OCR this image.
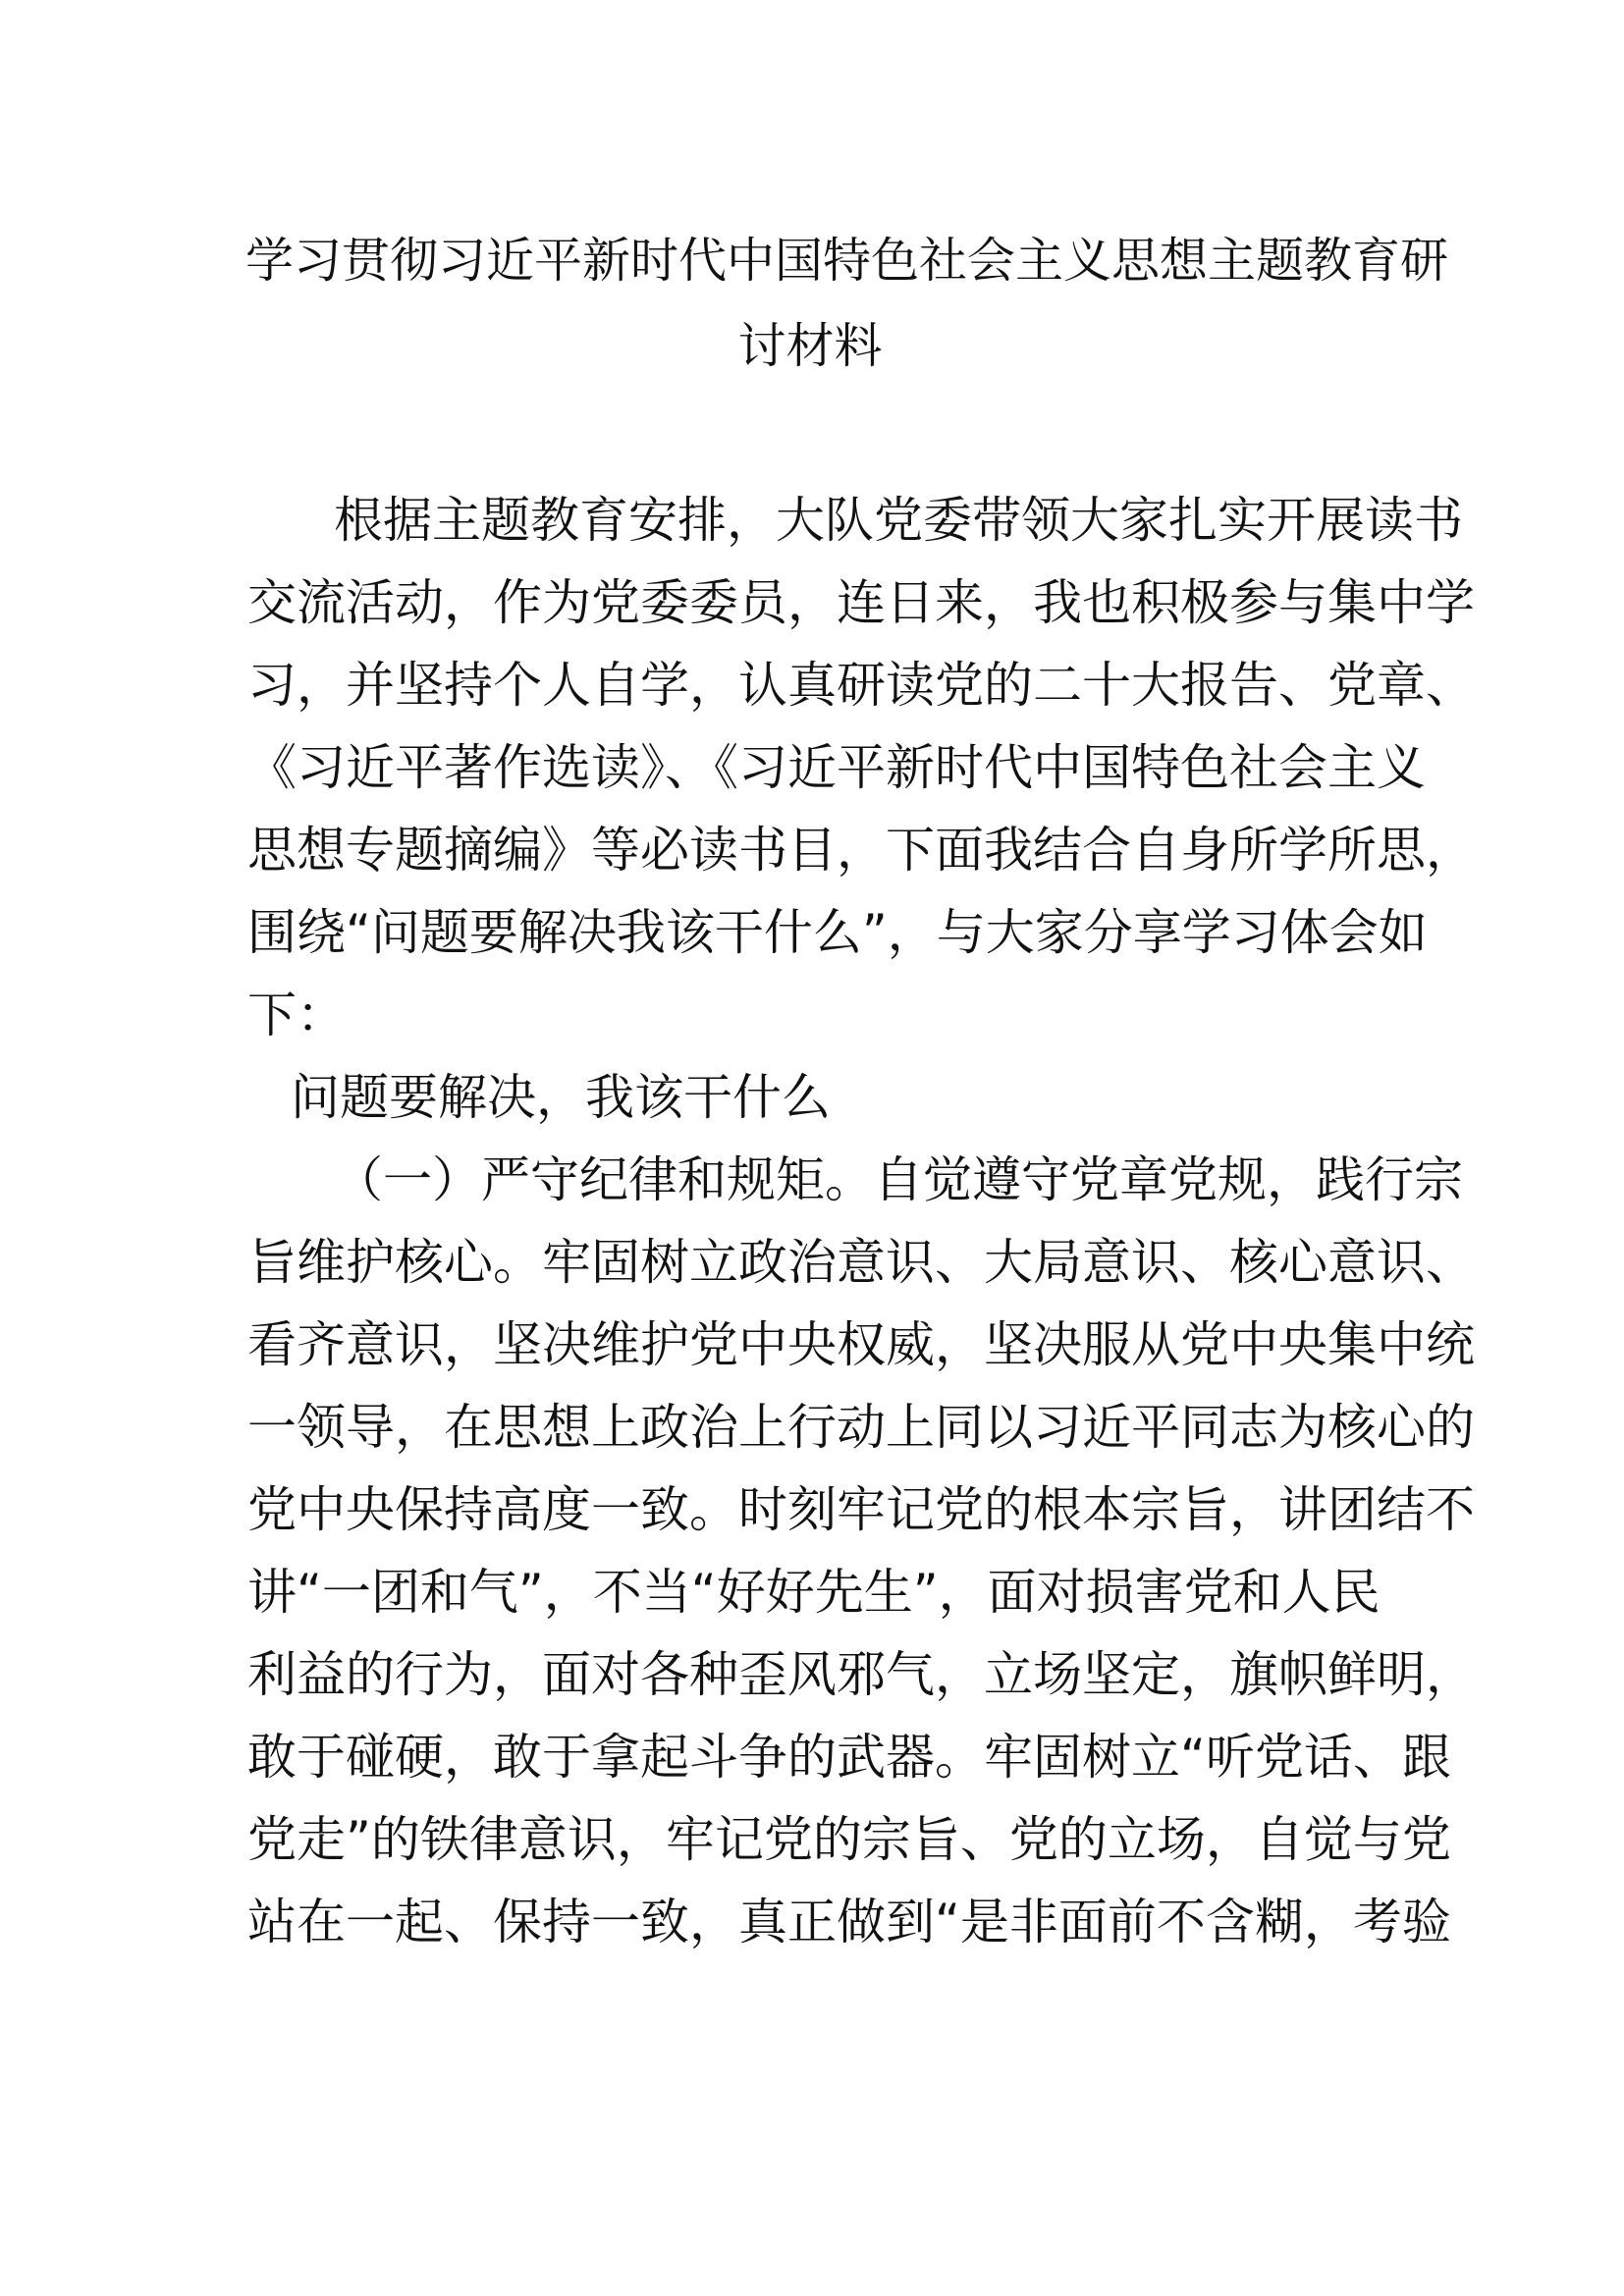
学习贯彻习近平新时代中国特色社会主义思想主题教育研
讨材料
根据主题教育安排，大队党委带领大家扎实开展读书
交流活动，作为党委委员，连日来，我也积极参与集中学
习，并坚持个人自学，认真研读党的二十大报告、党章、
《习近平著作选读》、《习近平新时代中国特色社会主义
思想专题摘编》等必读书目，下面我结合自身所学所思，
围绕“问题要解决我该干什么”，与大家分享学习体会如
下：
问题要解决，我该干什么
（一）严守纪律和规矩。自觉遵守党章党规，践行宗
旨维护核心。牢固树立政治意识、大局意识、核心意识、
看齐意识，坚决维护党中央权威，坚决服从党中央集中统
一领导，在思想上政治上行动上同以习近平同志为核心的
党中央保持高度一致。时刻牢记党的根本宗旨，讲团结不
讲“一团和气”，不当“好好先生”，面对损害党和人民
利益的行为，面对各种歪风邪气，立场坚定，旗帜鲜明，
敢于碰硬，敢于拿起斗争的武器。牢固树立“听党话、跟
党走”的铁律意识，牢记党的宗旨、党的立场，自觉与党
站在一起、保持一致，真正做到“是非面前不含糊，考验
